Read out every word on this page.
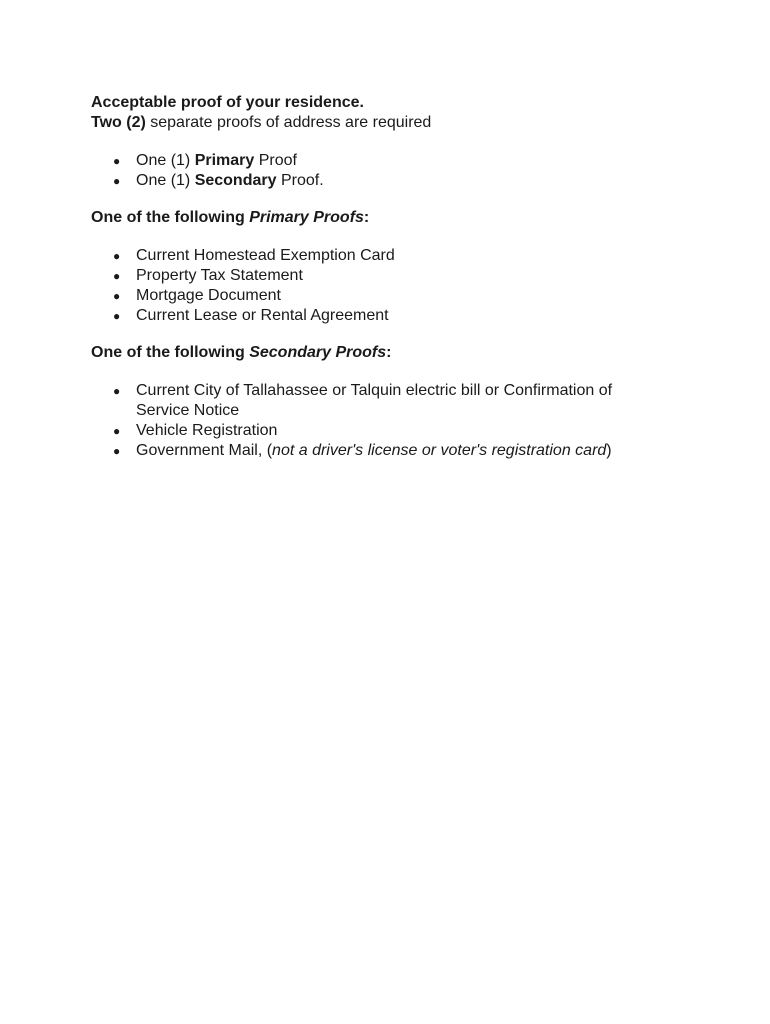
Acceptable proof of your residence.

Two (2) separate proofs of address are required

● One (1) Primary Proof
● One (1) Secondary Proof.

One of the following Primary Proofs:

● Current Homestead Exemption Card
● Property Tax Statement
● Mortgage Document
● Current Lease or Rental Agreement

One of the following Secondary Proofs:

● Current City of Tallahassee or Talquin electric bill or Confirmation of Service Notice
● Vehicle Registration
● Government Mail, (not a driver's license or voter's registration card)
